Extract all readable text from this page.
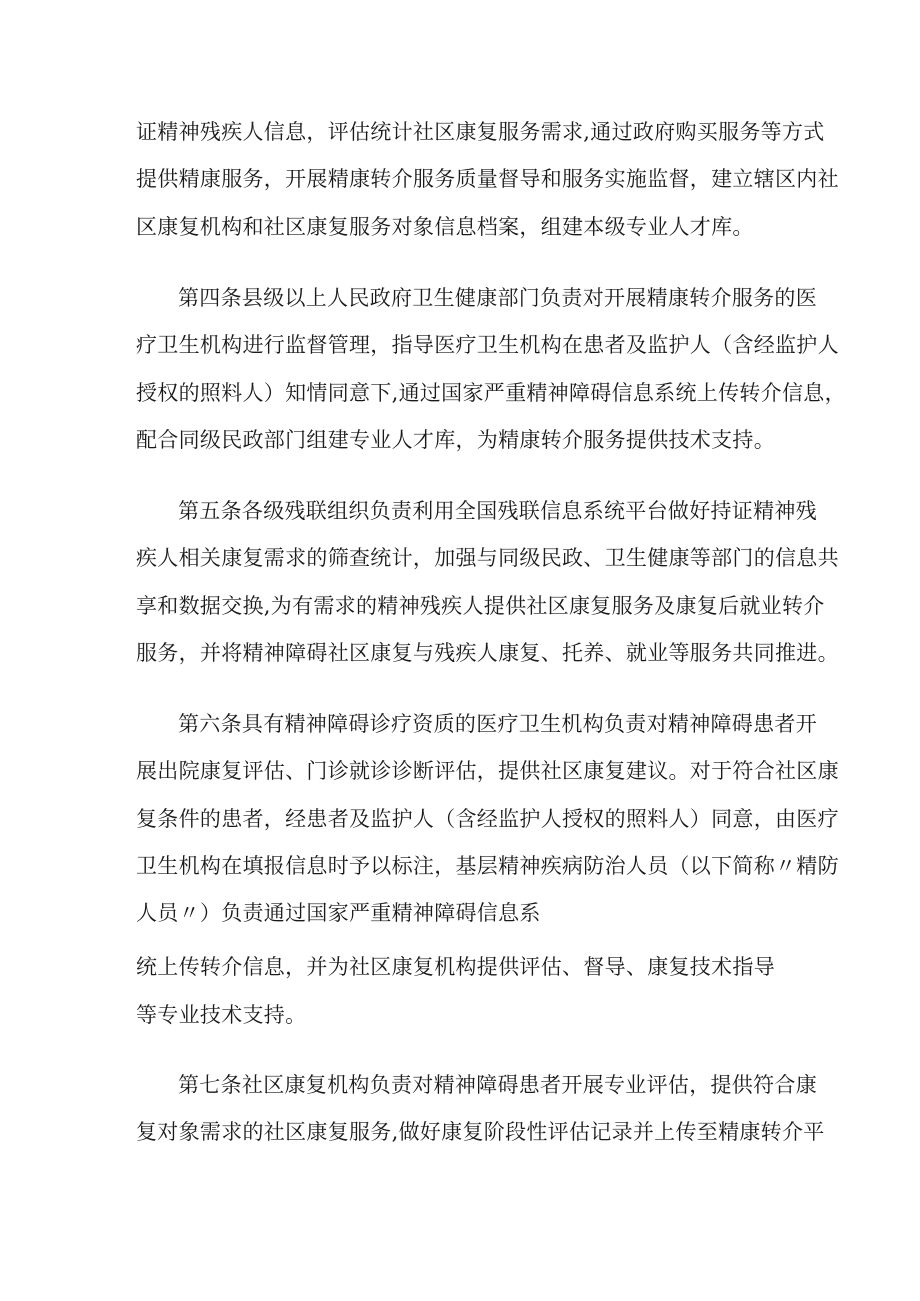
证精神残疾人信息，评估统计社区康复服务需求,通过政府购买服务等方式
提供精康服务，开展精康转介服务质量督导和服务实施监督，建立辖区内社
区康复机构和社区康复服务对象信息档案，组建本级专业人才库。
第四条县级以上人民政府卫生健康部门负责对开展精康转介服务的医
疗卫生机构进行监督管理，指导医疗卫生机构在患者及监护人（含经监护人
授权的照料人）知情同意下,通过国家严重精神障碍信息系统上传转介信息，
配合同级民政部门组建专业人才库，为精康转介服务提供技术支持。
第五条各级残联组织负责利用全国残联信息系统平台做好持证精神残
疾人相关康复需求的筛查统计，加强与同级民政、卫生健康等部门的信息共
享和数据交换,为有需求的精神残疾人提供社区康复服务及康复后就业转介
服务，并将精神障碍社区康复与残疾人康复、托养、就业等服务共同推进。
第六条具有精神障碍诊疗资质的医疗卫生机构负责对精神障碍患者开
展出院康复评估、门诊就诊诊断评估，提供社区康复建议。对于符合社区康
复条件的患者，经患者及监护人（含经监护人授权的照料人）同意，由医疗
卫生机构在填报信息时予以标注，基层精神疾病防治人员（以下简称〃精防
人员〃）负责通过国家严重精神障碍信息系
统上传转介信息，并为社区康复机构提供评估、督导、康复技术指导
等专业技术支持。
第七条社区康复机构负责对精神障碍患者开展专业评估，提供符合康
复对象需求的社区康复服务,做好康复阶段性评估记录并上传至精康转介平
